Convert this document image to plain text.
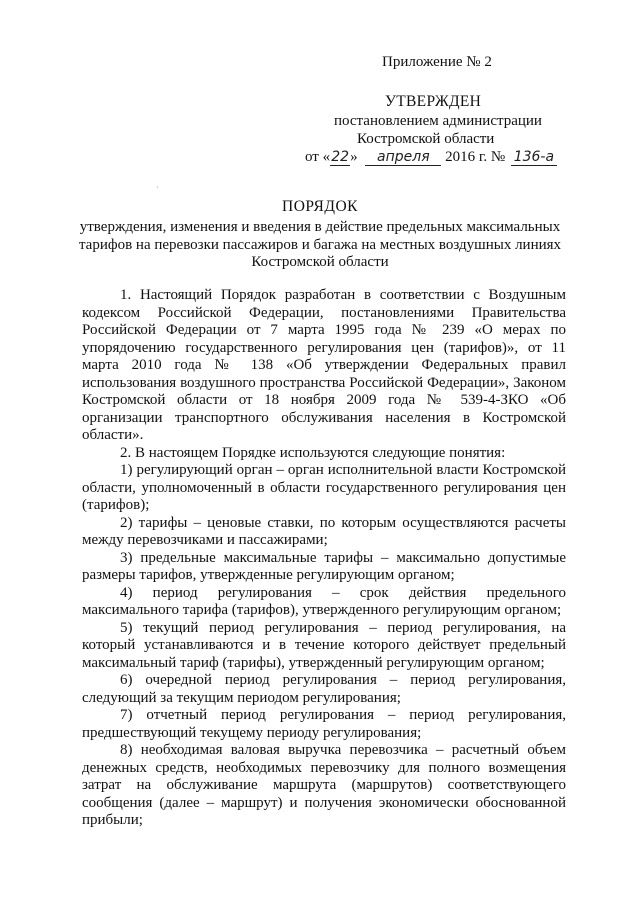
Приложение № 2
УТВЕРЖДЕН
постановлением администрации
Костромской области
от «22» апреля 2016 г. № 136-а
·
ПОРЯДОК
утверждения, изменения и введения в действие предельных максимальных тарифов на перевозки пассажиров и багажа на местных воздушных линиях Костромской области

1. Настоящий Порядок разработан в соответствии с Воздушным кодексом Российской Федерации, постановлениями Правительства Российской Федерации от 7 марта 1995 года № 239 «О мерах по упорядочению государственного регулирования цен (тарифов)», от 11 марта 2010 года № 138 «Об утверждении Федеральных правил использования воздушного пространства Российской Федерации», Законом Костромской области от 18 ноября 2009 года № 539-4-ЗКО «Об организации транспортного обслуживания населения в Костромской области».

2. В настоящем Порядке используются следующие понятия:

1) регулирующий орган – орган исполнительной власти Костромской области, уполномоченный в области государственного регулирования цен (тарифов);

2) тарифы – ценовые ставки, по которым осуществляются расчеты между перевозчиками и пассажирами;

3) предельные максимальные тарифы – максимально допустимые размеры тарифов, утвержденные регулирующим органом;

4) период регулирования – срок действия предельного максимального тарифа (тарифов), утвержденного регулирующим органом;

5) текущий период регулирования – период регулирования, на который устанавливаются и в течение которого действует предельный максимальный тариф (тарифы), утвержденный регулирующим органом;

6) очередной период регулирования – период регулирования, следующий за текущим периодом регулирования;

7) отчетный период регулирования – период регулирования, предшествующий текущему периоду регулирования;

8) необходимая валовая выручка перевозчика – расчетный объем денежных средств, необходимых перевозчику для полного возмещения затрат на обслуживание маршрута (маршрутов) соответствующего сообщения (далее – маршрут) и получения экономически обоснованной прибыли;
